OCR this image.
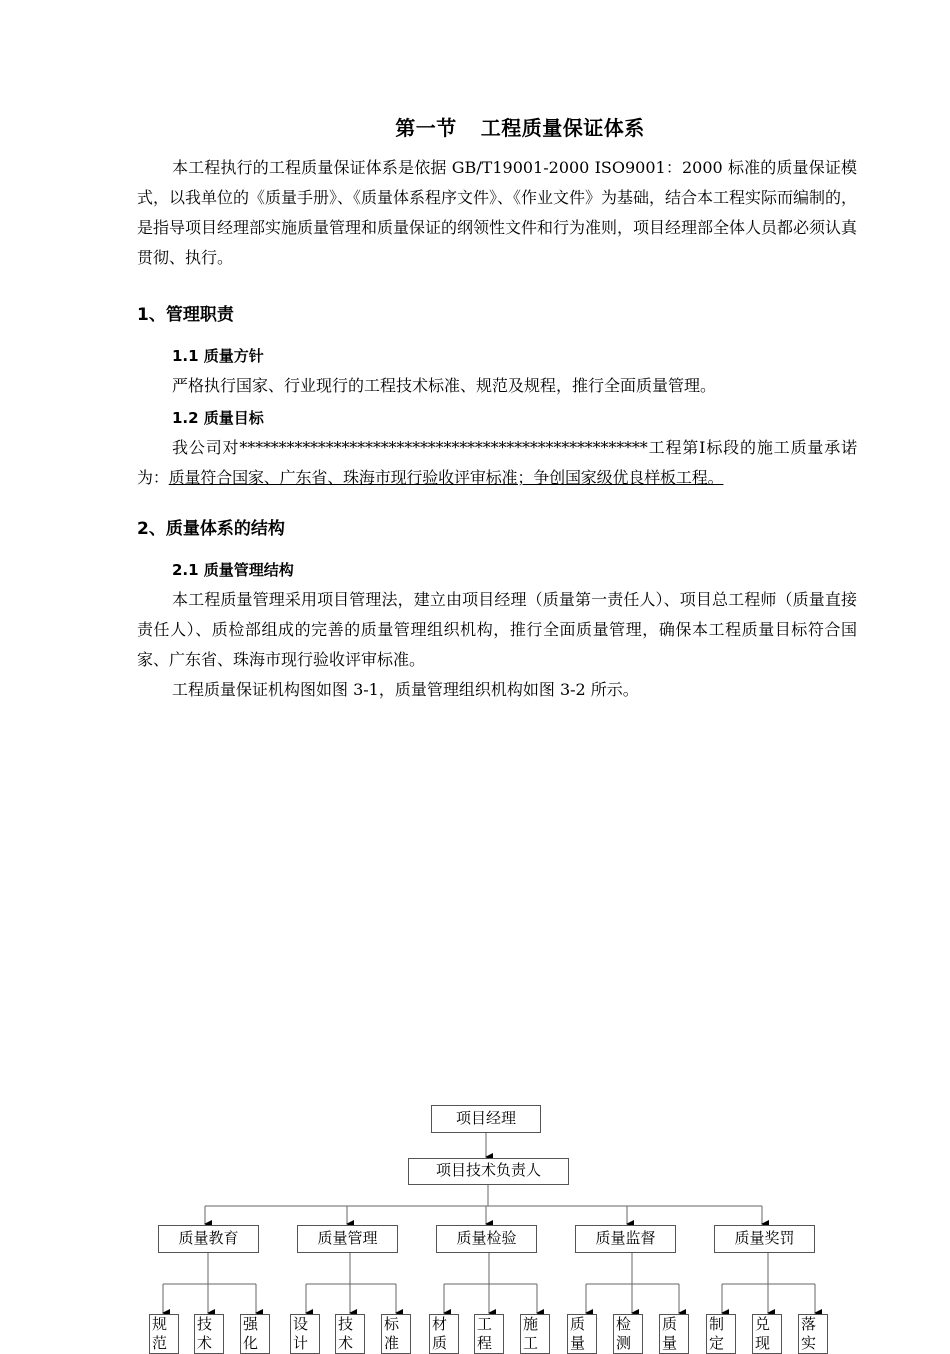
第一节 工程质量保证体系

本工程执行的工程质量保证体系是依据 GB/T19001-2000 ISO9001：2000 标准的质量保证模式，以我单位的《质量手册》、《质量体系程序文件》、《作业文件》为基础，结合本工程实际而编制的，是指导项目经理部实施质量管理和质量保证的纲领性文件和行为准则，项目经理部全体人员都必须认真贯彻、执行。

1、管理职责
1.1 质量方针

严格执行国家、行业现行的工程技术标准、规范及规程，推行全面质量管理。

1.2 质量目标

我公司对****************************************************工程第Ⅰ标段的施工质量承诺为：质量符合国家、广东省、珠海市现行验收评审标准；争创国家级优良样板工程。

2、质量体系的结构
2.1 质量管理结构

本工程质量管理采用项目管理法，建立由项目经理（质量第一责任人）、项目总工程师（质量直接责任人）、质检部组成的完善的质量管理组织机构，推行全面质量管理，确保本工程质量目标符合国家、广东省、珠海市现行验收评审标准。

工程质量保证机构图如图 3-1，质量管理组织机构如图 3-2 所示。

项目经理
项目技术负责人
质量教育	质量管理	质量检验	质量监督	质量奖罚
规
范
技
术
强
化
设
计
技
术
标
准
材
质
工
程
施
工
质
量
检
测
质
量
制
定
兑
现
落
实
